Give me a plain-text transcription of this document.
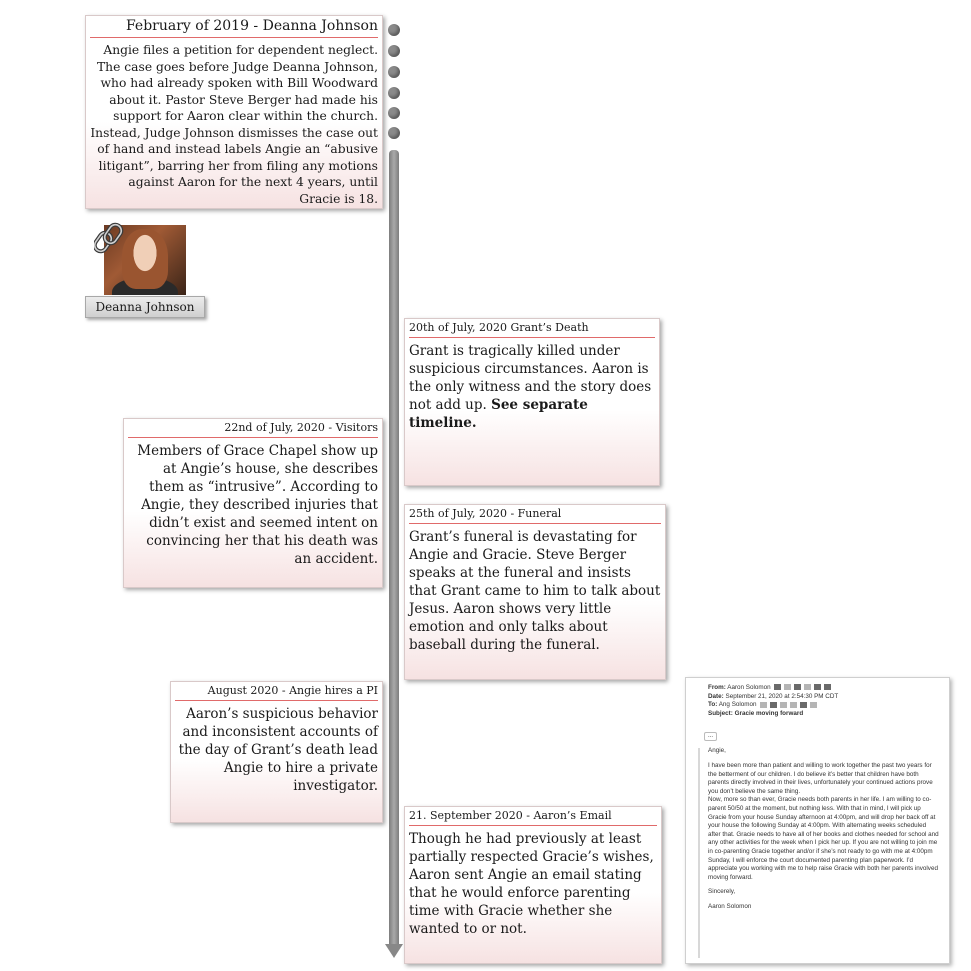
February of 2019 - Deanna Johnson
Angie files a petition for dependent neglect. The case goes before Judge Deanna Johnson, who had already spoken with Bill Woodward about it. Pastor Steve Berger had made his support for Aaron clear within the church. Instead, Judge Johnson dismisses the case out of hand and instead labels Angie an “abusive litigant”, barring her from filing any motions against Aaron for the next 4 years, until Gracie is 18.
Deanna Johnson
20th of July, 2020 Grant’s Death
Grant is tragically killed under suspicious circumstances. Aaron is the only witness and the story does not add up. See separate timeline.
22nd of July, 2020 - Visitors
Members of Grace Chapel show up at Angie’s house, she describes them as “intrusive”. According to Angie, they described injuries that didn’t exist and seemed intent on convincing her that his death was an accident.
25th of July, 2020 - Funeral
Grant’s funeral is devastating for Angie and Gracie. Steve Berger speaks at the funeral and insists that Grant came to him to talk about Jesus. Aaron shows very little emotion and only talks about baseball during the funeral.
August 2020 - Angie hires a PI
Aaron’s suspicious behavior and inconsistent accounts of the day of Grant’s death lead Angie to hire a private investigator.
21. September 2020 - Aaron’s Email
Though he had previously at least partially respected Gracie’s wishes, Aaron sent Angie an email stating that he would enforce parenting time with Gracie whether she wanted to or not.
From: Aaron Solomon
Date: September 21, 2020 at 2:54:30 PM CDT
To: Ang Solomon
Subject: Gracie moving forward
...

Angie,

I have been more than patient and willing to work together the past two years for the betterment of our children. I do believe it’s better that children have both parents directly involved in their lives, unfortunately your continued actions prove you don’t believe the same thing.

Now, more so than ever, Gracie needs both parents in her life. I am willing to co-parent 50/50 at the moment, but nothing less. With that in mind, I will pick up Gracie from your house Sunday afternoon at 4:00pm, and will drop her back off at your house the following Sunday at 4:00pm. With alternating weeks scheduled after that. Gracie needs to have all of her books and clothes needed for school and any other activities for the week when I pick her up. If you are not willing to join me in co-parenting Gracie together and/or if she’s not ready to go with me at 4:00pm Sunday, I will enforce the court documented parenting plan paperwork. I’d appreciate you working with me to help raise Gracie with both her parents involved moving forward.

Sincerely,

Aaron Solomon
